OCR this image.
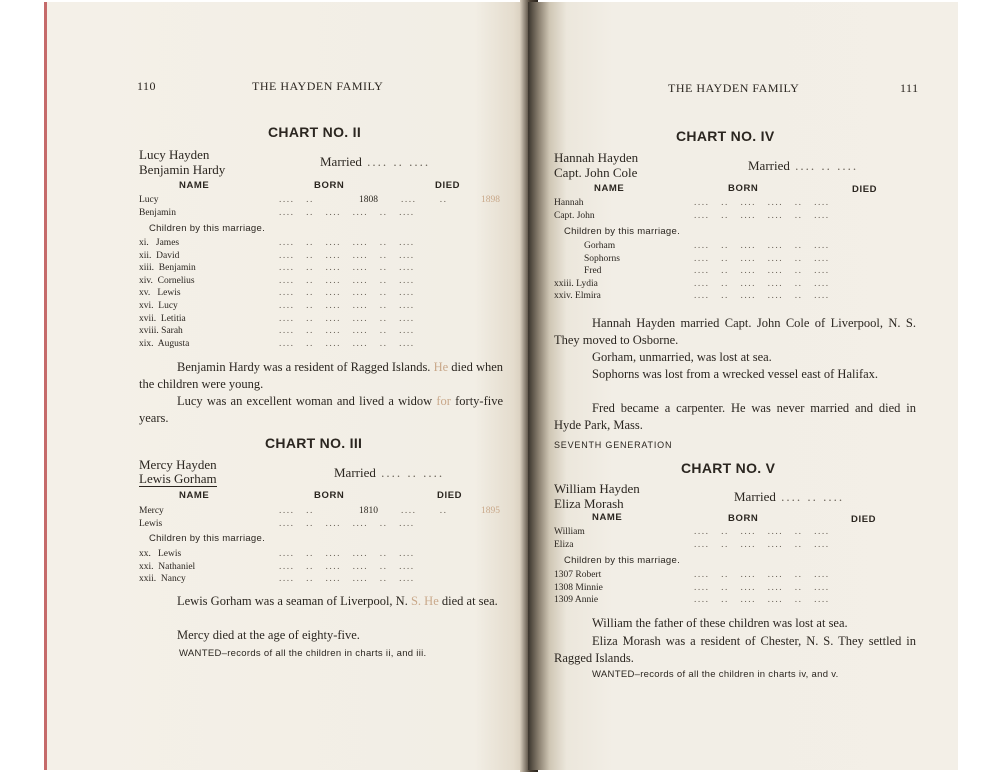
110	THE HAYDEN FAMILY
CHART NO. II
Lucy Hayden
Benjamin Hardy
Married .... .. ....
NAME	BORN	DIED
Lucy	....   ..	1808 ....      ..	1898
Benjamin	....   ..   ....   ....   ..   ....
Children by this marriage.
xi.   James	....   ..   ....   ....   ..   ....
xii.  David	....   ..   ....   ....   ..   ....
xiii.  Benjamin	....   ..   ....   ....   ..   ....
xiv.  Cornelius	....   ..   ....   ....   ..   ....
xv.   Lewis	....   ..   ....   ....   ..   ....
xvi.  Lucy	....   ..   ....   ....   ..   ....
xvii.  Letitia	....   ..   ....   ....   ..   ....
xviii. Sarah	....   ..   ....   ....   ..   ....
xix.  Augusta	....   ..   ....   ....   ..   ....
Benjamin Hardy was a resident of Ragged Islands. He died when the children were young.
Lucy was an excellent woman and lived a widow for forty-five years.
CHART NO. III
Mercy Hayden
Lewis Gorham	Married .... .. ....
NAME	BORN	DIED
Mercy	....   ..	1810 ....      ..	1895
Lewis	....   ..   ....   ....   ..   ....
Children by this marriage.
xx.   Lewis	....   ..   ....   ....   ..   ....
xxi.  Nathaniel	....   ..   ....   ....   ..   ....
xxii.  Nancy	....   ..   ....   ....   ..   ....
Lewis Gorham was a seaman of Liverpool, N. S. He died at sea.
Mercy died at the age of eighty-five.
WANTED–records of all the children in charts ii, and iii.
THE HAYDEN FAMILY	111
CHART NO. IV
Hannah Hayden
Capt. John Cole	Married .... .. ....
NAME	BORN	DIED
Hannah	....   ..   ....   ....   ..   ....
Capt. John	....   ..   ....   ....   ..   ....
Children by this marriage.
Gorham	....   ..   ....   ....   ..   ....
Sophorns	....   ..   ....   ....   ..   ....
Fred	....   ..   ....   ....   ..   ....
xxiii. Lydia	....   ..   ....   ....   ..   ....
xxiv. Elmira	....   ..   ....   ....   ..   ....
Hannah Hayden married Capt. John Cole of Liverpool, N. S. They moved to Osborne.
Gorham, unmarried, was lost at sea.
Sophorns was lost from a wrecked vessel east of Halifax.
Fred became a carpenter. He was never married and died in Hyde Park, Mass.
SEVENTH GENERATION
CHART NO. V
William Hayden
Eliza Morash	Married .... .. ....
NAME	BORN	DIED
William	....   ..   ....   ....   ..   ....
Eliza	....   ..   ....   ....   ..   ....
Children by this marriage.
1307 Robert	....   ..   ....   ....   ..   ....
1308 Minnie	....   ..   ....   ....   ..   ....
1309 Annie	....   ..   ....   ....   ..   ....
William the father of these children was lost at sea.
Eliza Morash was a resident of Chester, N. S. They settled in Ragged Islands.
WANTED–records of all the children in charts iv, and v.
